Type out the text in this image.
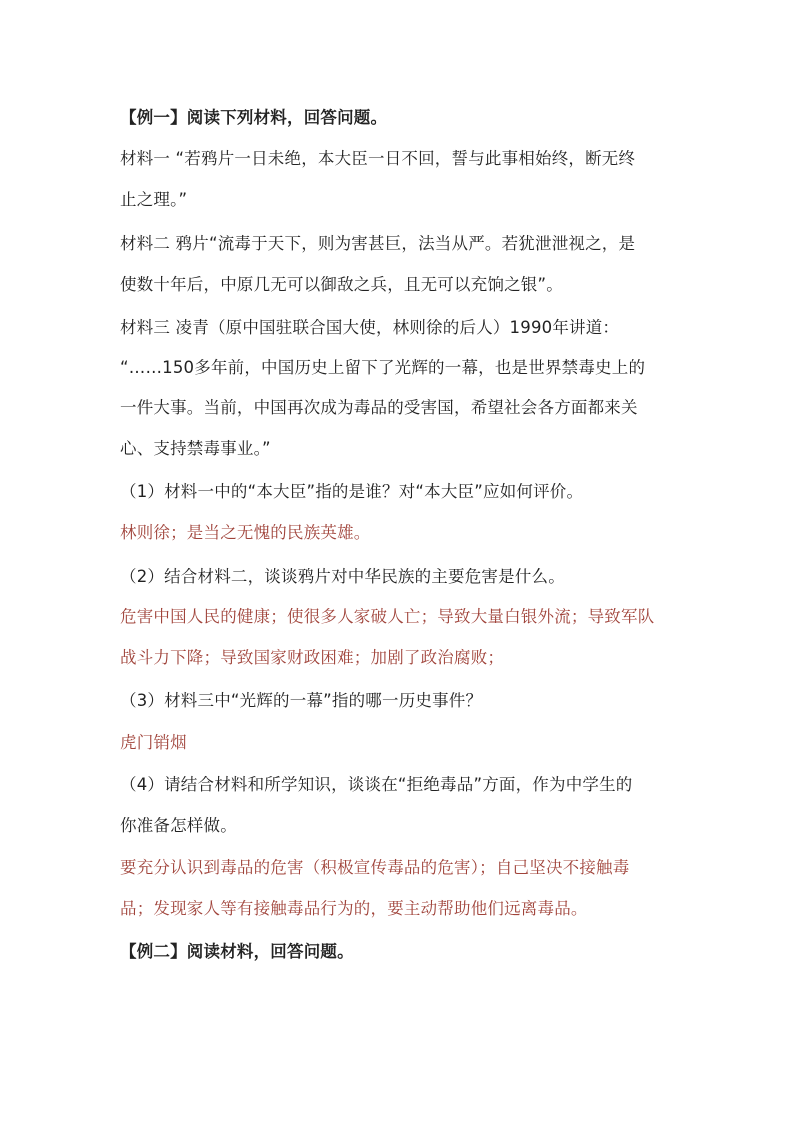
【例一】阅读下列材料，回答问题。
材料一 “若鸦片一日未绝，本大臣一日不回，誓与此事相始终，断无终
止之理。”
材料二 鸦片“流毒于天下，则为害甚巨，法当从严。若犹泄泄视之，是
使数十年后，中原几无可以御敌之兵，且无可以充饷之银”。
材料三 凌青（原中国驻联合国大使，林则徐的后人）1990年讲道：
“……150多年前，中国历史上留下了光辉的一幕，也是世界禁毒史上的
一件大事。当前，中国再次成为毒品的受害国，希望社会各方面都来关
心、支持禁毒事业。”
（1）材料一中的“本大臣”指的是谁？对“本大臣”应如何评价。
林则徐；是当之无愧的民族英雄。
（2）结合材料二，谈谈鸦片对中华民族的主要危害是什么。
危害中国人民的健康；使很多人家破人亡；导致大量白银外流；导致军队
战斗力下降；导致国家财政困难；加剧了政治腐败；
（3）材料三中“光辉的一幕”指的哪一历史事件？
虎门销烟
（4）请结合材料和所学知识，谈谈在“拒绝毒品”方面，作为中学生的
你准备怎样做。
要充分认识到毒品的危害（积极宣传毒品的危害）；自己坚决不接触毒
品；发现家人等有接触毒品行为的，要主动帮助他们远离毒品。
【例二】阅读材料，回答问题。
